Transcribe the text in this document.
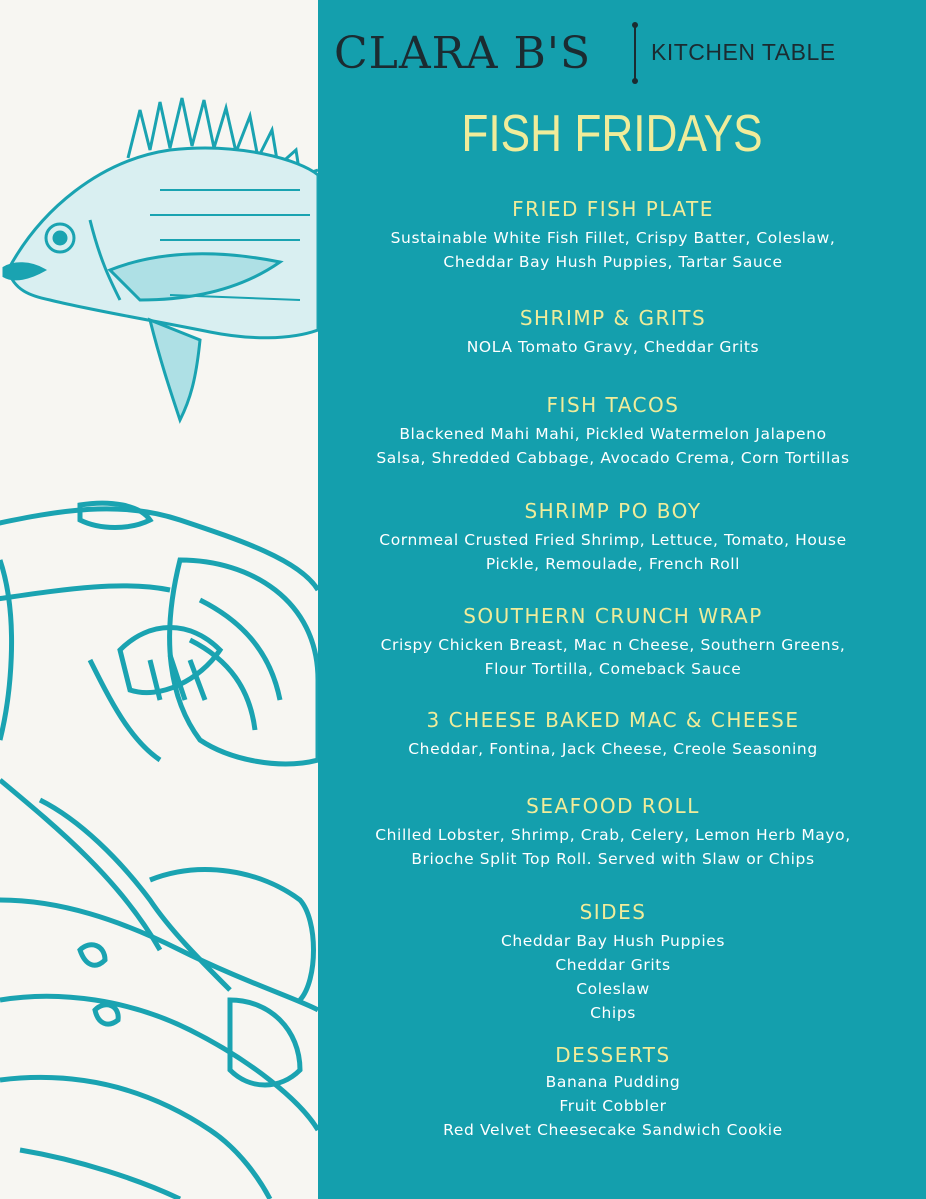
CLARA B'S	KITCHEN TABLE
FISH FRIDAYS
FRIED FISH PLATE

Sustainable White Fish Fillet, Crispy Batter, Coleslaw,
Cheddar Bay Hush Puppies, Tartar Sauce

SHRIMP & GRITS

NOLA Tomato Gravy, Cheddar Grits

FISH TACOS

Blackened Mahi Mahi, Pickled Watermelon Jalapeno
Salsa, Shredded Cabbage, Avocado Crema, Corn Tortillas

SHRIMP PO BOY

Cornmeal Crusted Fried Shrimp, Lettuce, Tomato, House
Pickle, Remoulade, French Roll

SOUTHERN CRUNCH WRAP

Crispy Chicken Breast, Mac n Cheese, Southern Greens,
Flour Tortilla, Comeback Sauce

3 CHEESE BAKED MAC & CHEESE

Cheddar, Fontina, Jack Cheese, Creole Seasoning

SEAFOOD ROLL

Chilled Lobster, Shrimp, Crab, Celery, Lemon Herb Mayo,
Brioche Split Top Roll. Served with Slaw or Chips

SIDES

Cheddar Bay Hush Puppies
Cheddar Grits
Coleslaw
Chips

DESSERTS

Banana Pudding
Fruit Cobbler
Red Velvet Cheesecake Sandwich Cookie
